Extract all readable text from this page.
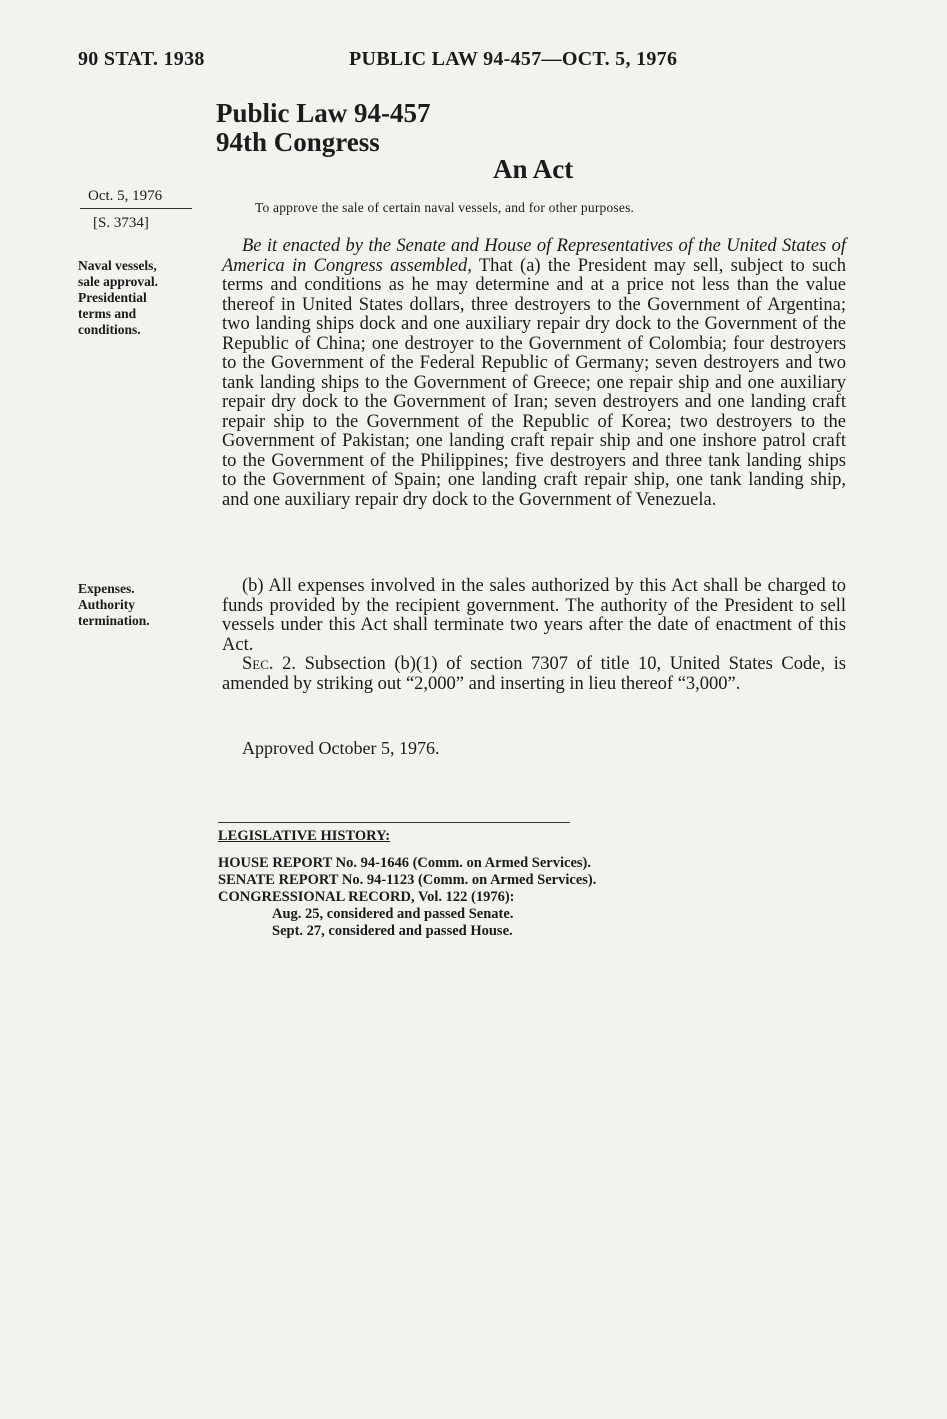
90 STAT. 1938	PUBLIC LAW 94-457—OCT. 5, 1976
Public Law 94-457
94th Congress
An Act
Oct. 5, 1976
[S. 3734]
To approve the sale of certain naval vessels, and for other purposes.
Naval vessels,
sale approval.
Presidential
terms and
conditions.
Expenses.
Authority
termination.
Be it enacted by the Senate and House of Representatives of the United States of America in Congress assembled, That (a) the President may sell, subject to such terms and conditions as he may determine and at a price not less than the value thereof in United States dollars, three destroyers to the Government of Argentina; two landing ships dock and one auxiliary repair dry dock to the Government of the Republic of China; one destroyer to the Government of Colombia; four destroyers to the Government of the Federal Republic of Germany; seven destroyers and two tank landing ships to the Government of Greece; one repair ship and one auxiliary repair dry dock to the Government of Iran; seven destroyers and one landing craft repair ship to the Government of the Republic of Korea; two destroyers to the Government of Pakistan; one landing craft repair ship and one inshore patrol craft to the Government of the Philippines; five destroyers and three tank landing ships to the Government of Spain; one landing craft repair ship, one tank landing ship, and one auxiliary repair dry dock to the Government of Venezuela.
(b) All expenses involved in the sales authorized by this Act shall be charged to funds provided by the recipient government. The authority of the President to sell vessels under this Act shall terminate two years after the date of enactment of this Act.
Sec. 2. Subsection (b)(1) of section 7307 of title 10, United States Code, is amended by striking out “2,000” and inserting in lieu thereof “3,000”.
Approved October 5, 1976.
LEGISLATIVE HISTORY:
HOUSE REPORT No. 94-1646 (Comm. on Armed Services).
SENATE REPORT No. 94-1123 (Comm. on Armed Services).
CONGRESSIONAL RECORD, Vol. 122 (1976):
Aug. 25, considered and passed Senate.
Sept. 27, considered and passed House.
